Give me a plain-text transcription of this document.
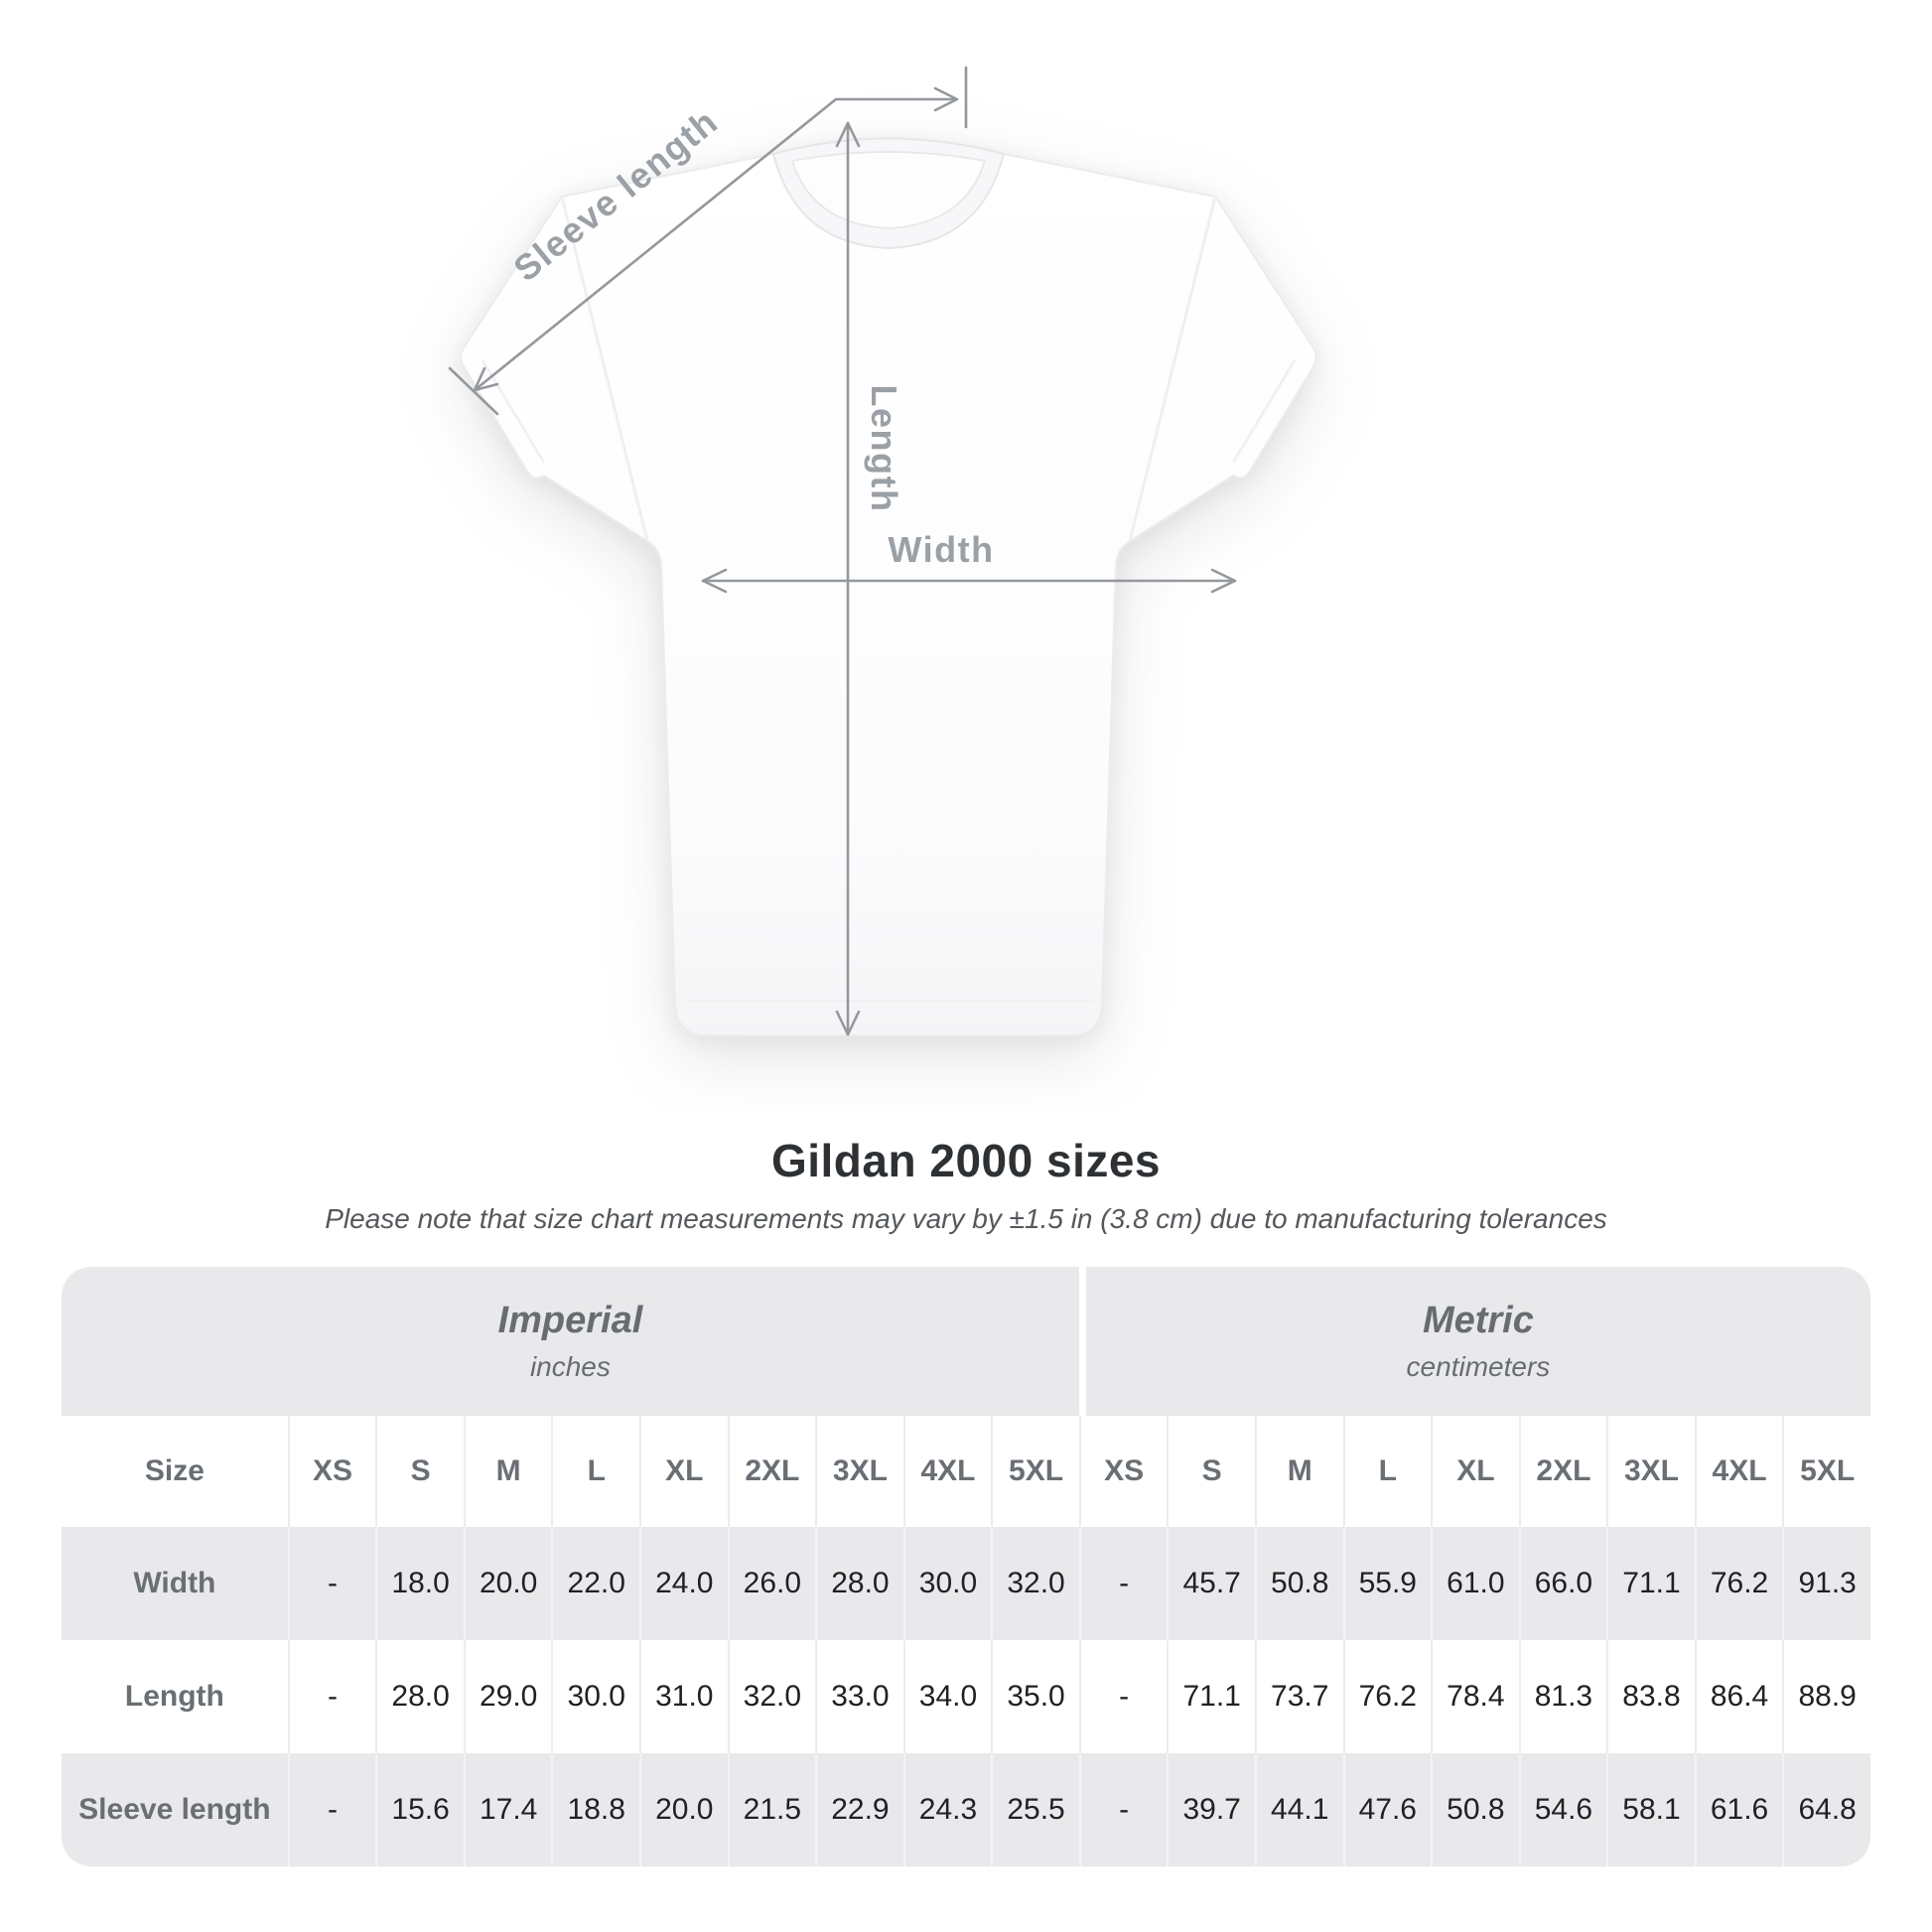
Sleeve length
Length
Width
Gildan 2000 sizes

Please note that size chart measurements may vary by ±1.5 in (3.8 cm) due to manufacturing tolerances

Imperial
inches

Metric
centimeters

Size	XS	S	M	L	XL	2XL	3XL	4XL	5XL	XS	S	M	L	XL	2XL	3XL	4XL	5XL
Width	-	18.0	20.0	22.0	24.0	26.0	28.0	30.0	32.0	-	45.7	50.8	55.9	61.0	66.0	71.1	76.2	91.3
Length	-	28.0	29.0	30.0	31.0	32.0	33.0	34.0	35.0	-	71.1	73.7	76.2	78.4	81.3	83.8	86.4	88.9
Sleeve length	-	15.6	17.4	18.8	20.0	21.5	22.9	24.3	25.5	-	39.7	44.1	47.6	50.8	54.6	58.1	61.6	64.8
